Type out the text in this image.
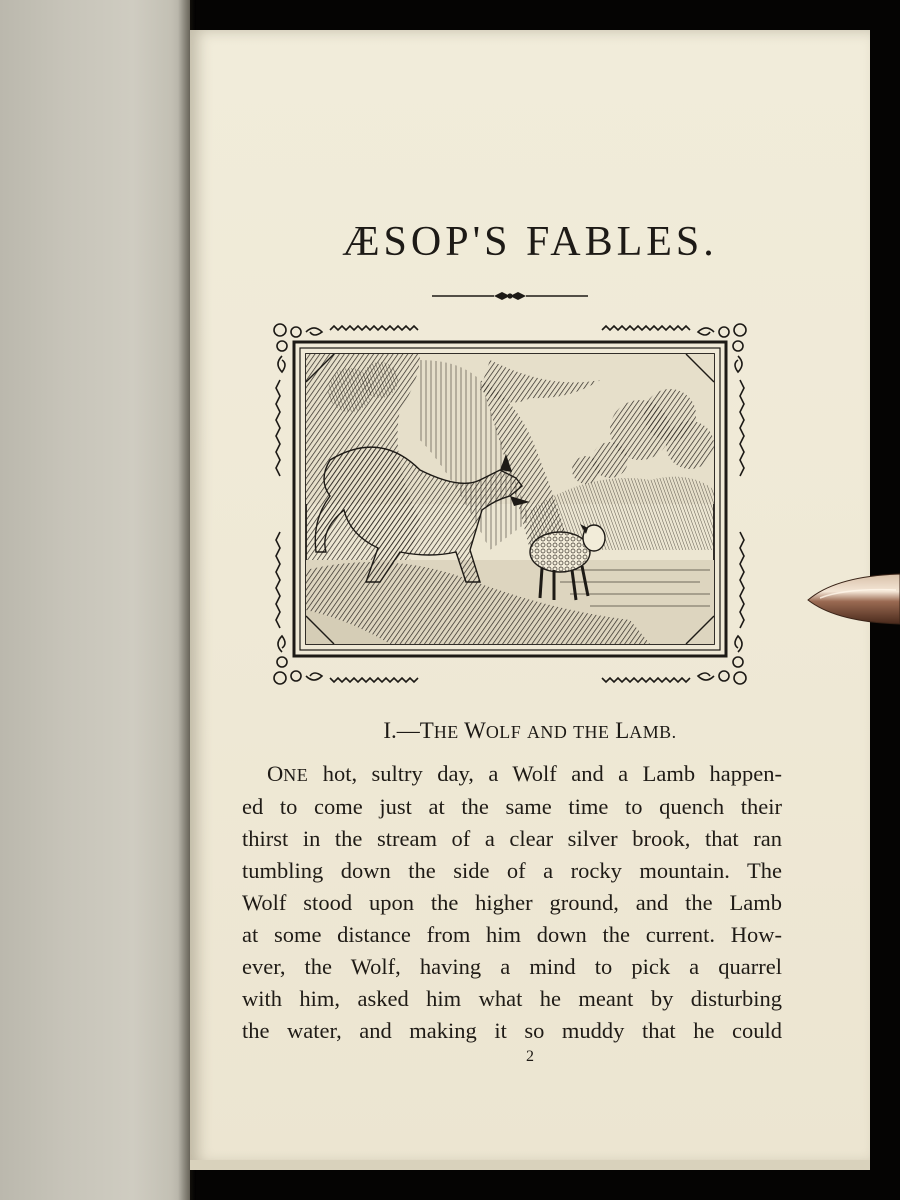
ÆSOP'S FABLES.
I.—THE WOLF AND THE LAMB.
ONE hot, sultry day, a Wolf and a Lamb happen-
ed to come just at the same time to quench their
thirst in the stream of a clear silver brook, that ran
tumbling down the side of a rocky mountain. The
Wolf stood upon the higher ground, and the Lamb
at some distance from him down the current. How-
ever, the Wolf, having a mind to pick a quarrel
with him, asked him what he meant by disturbing
the water, and making it so muddy that he could
2
